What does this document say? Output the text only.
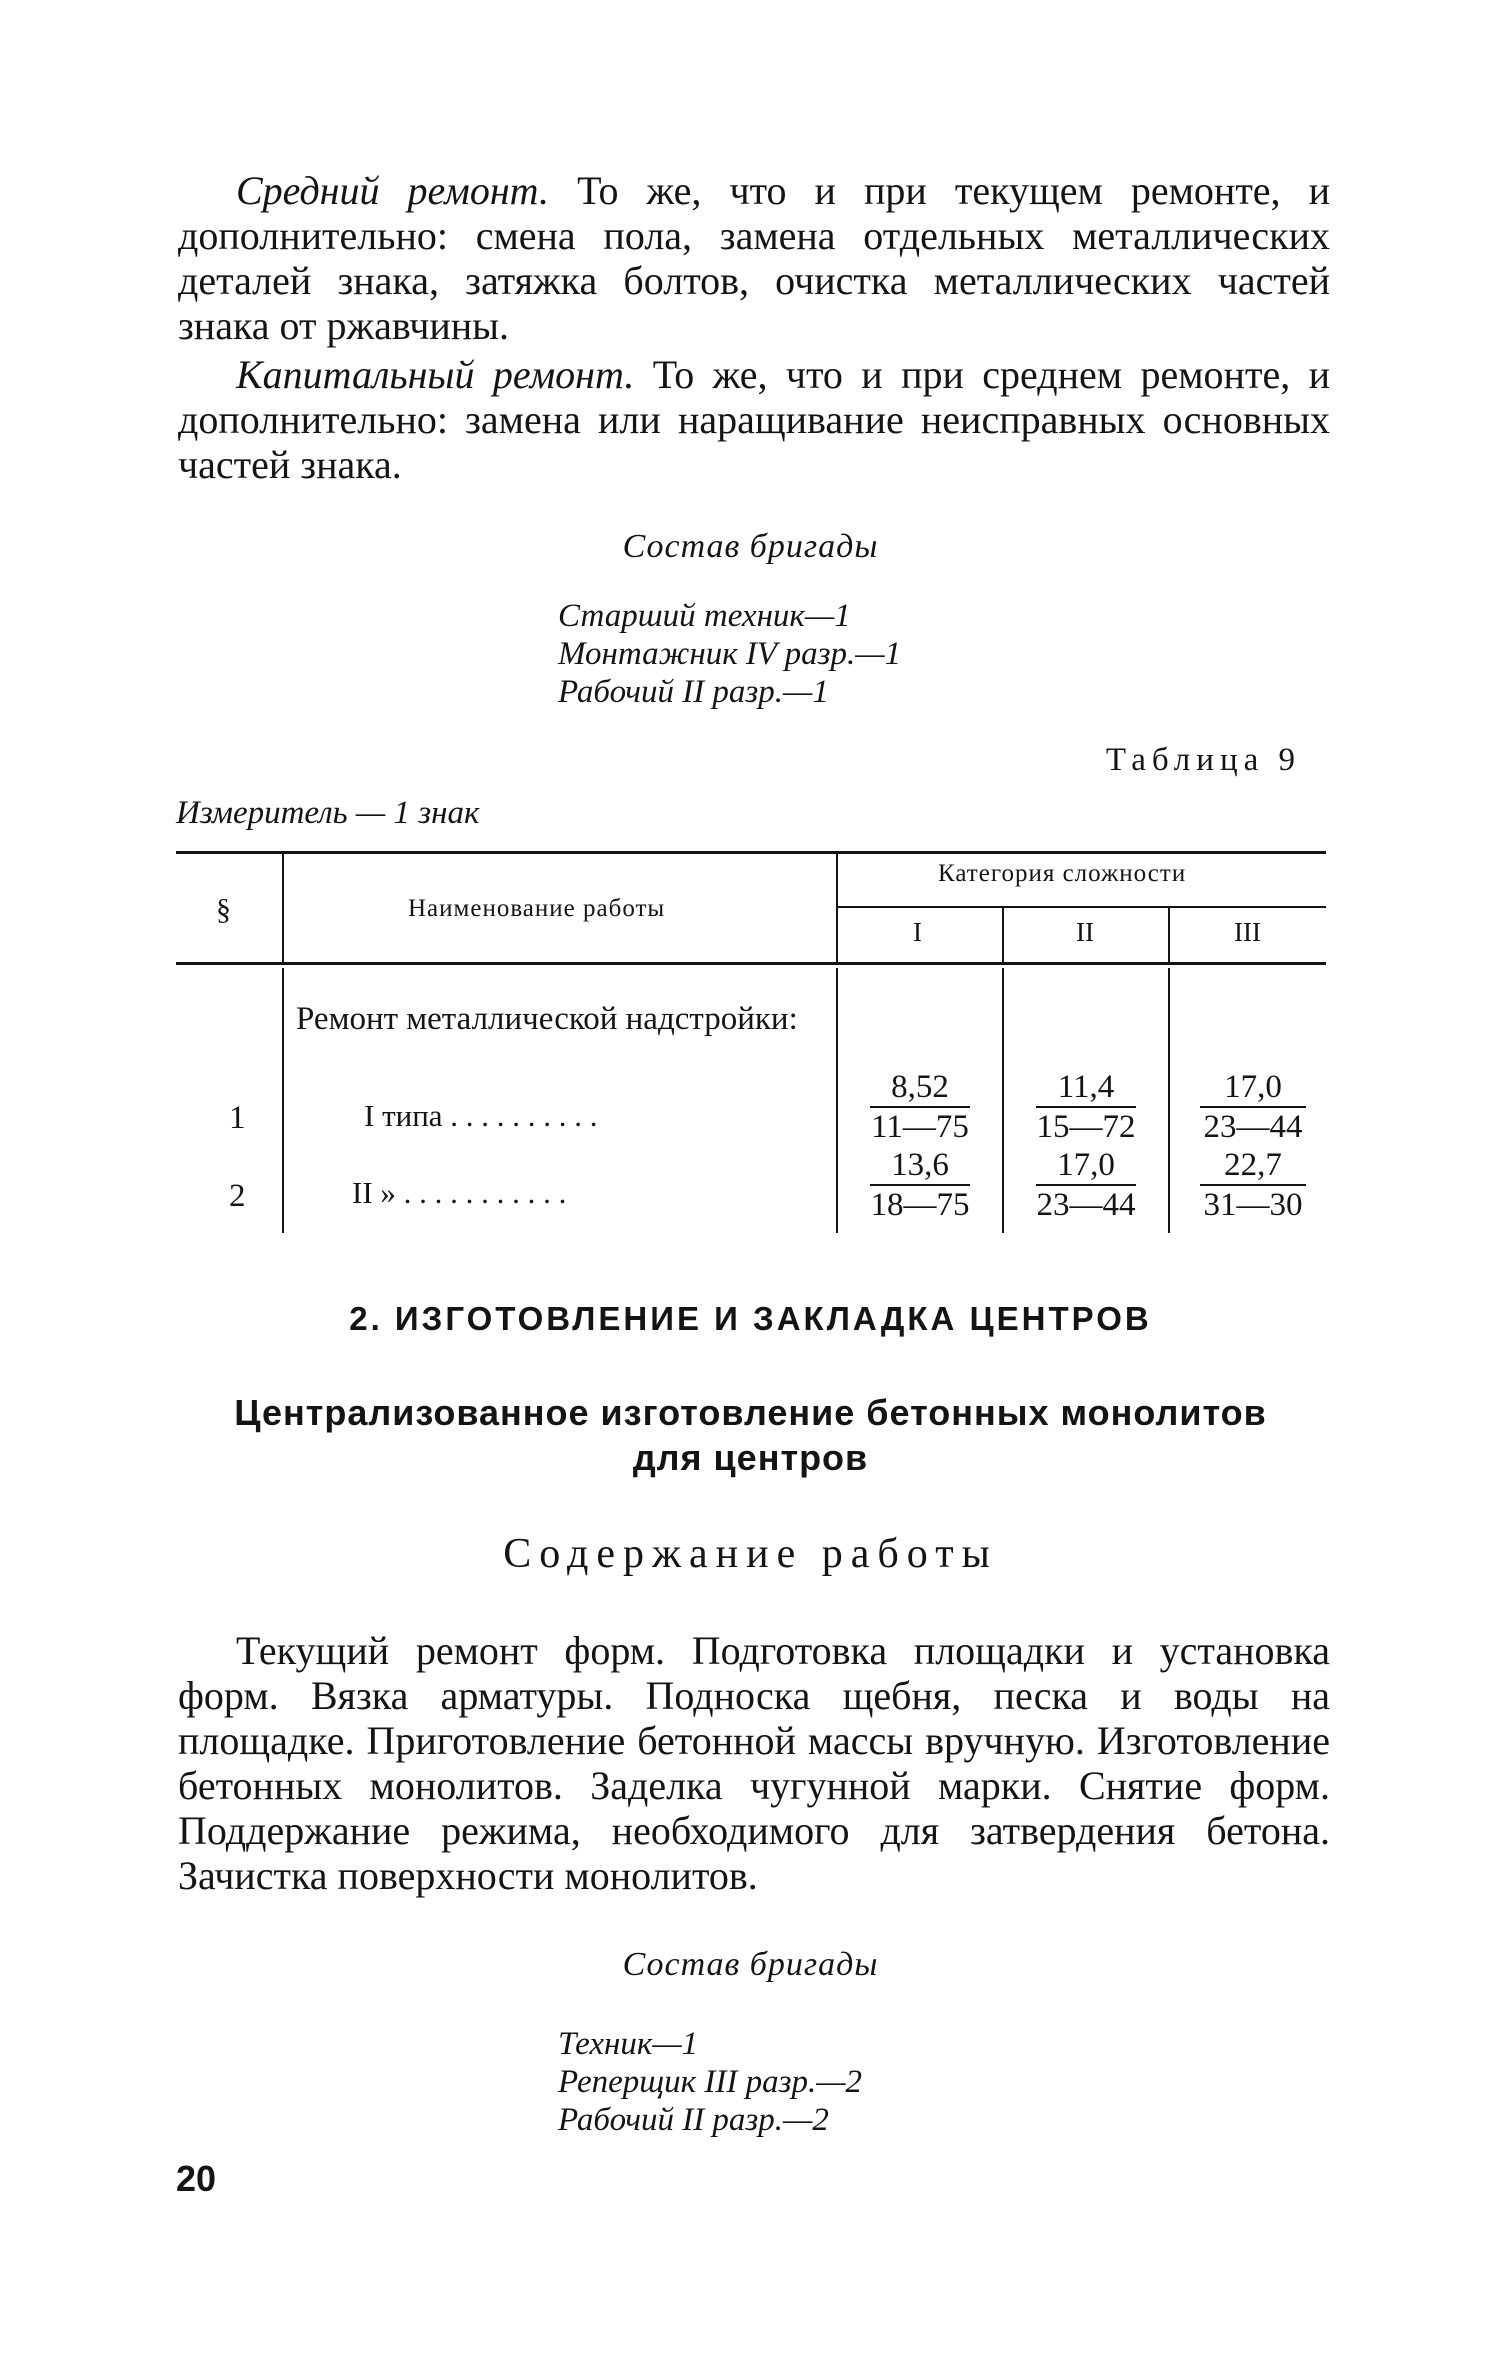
Средний ремонт. То же, что и при текущем ремонте, и дополнительно: смена пола, замена отдельных металлических деталей знака, затяжка болтов, очистка металлических частей знака от ржавчины.

Капитальный ремонт. То же, что и при среднем ремонте, и дополнительно: замена или наращивание неисправных основных частей знака.

Состав бригады
Старший техник—1
Монтажник IV разр.—1
Рабочий II разр.—1
Таблица 9
Измеритель — 1 знак
§	Наименование работы
Категория сложности
I	II	III
Ремонт металлической надстройки:
1	I типа . . . . . . . . . .	$\frac{8,52}{11—75} \frac{11,4}{15—72} \frac{17,0}{23—44}$
2	II » . . . . . . . . . . .	$\frac{13,6}{18—75} \frac{17,0}{23—44} \frac{22,7}{31—30}$
2. ИЗГОТОВЛЕНИЕ И ЗАКЛАДКА ЦЕНТРОВ
Централизованное изготовление бетонных монолитов
для центров
Содержание работы

Текущий ремонт форм. Подготовка площадки и установка форм. Вязка арматуры. Подноска щебня, песка и воды на площадке. Приготовление бетонной массы вручную. Изготовление бетонных монолитов. Заделка чугунной марки. Снятие форм. Поддержание режима, необходимого для затвердения бетона. Зачистка поверхности монолитов.

Состав бригады
Техник—1
Реперщик III разр.—2
Рабочий II разр.—2
20
